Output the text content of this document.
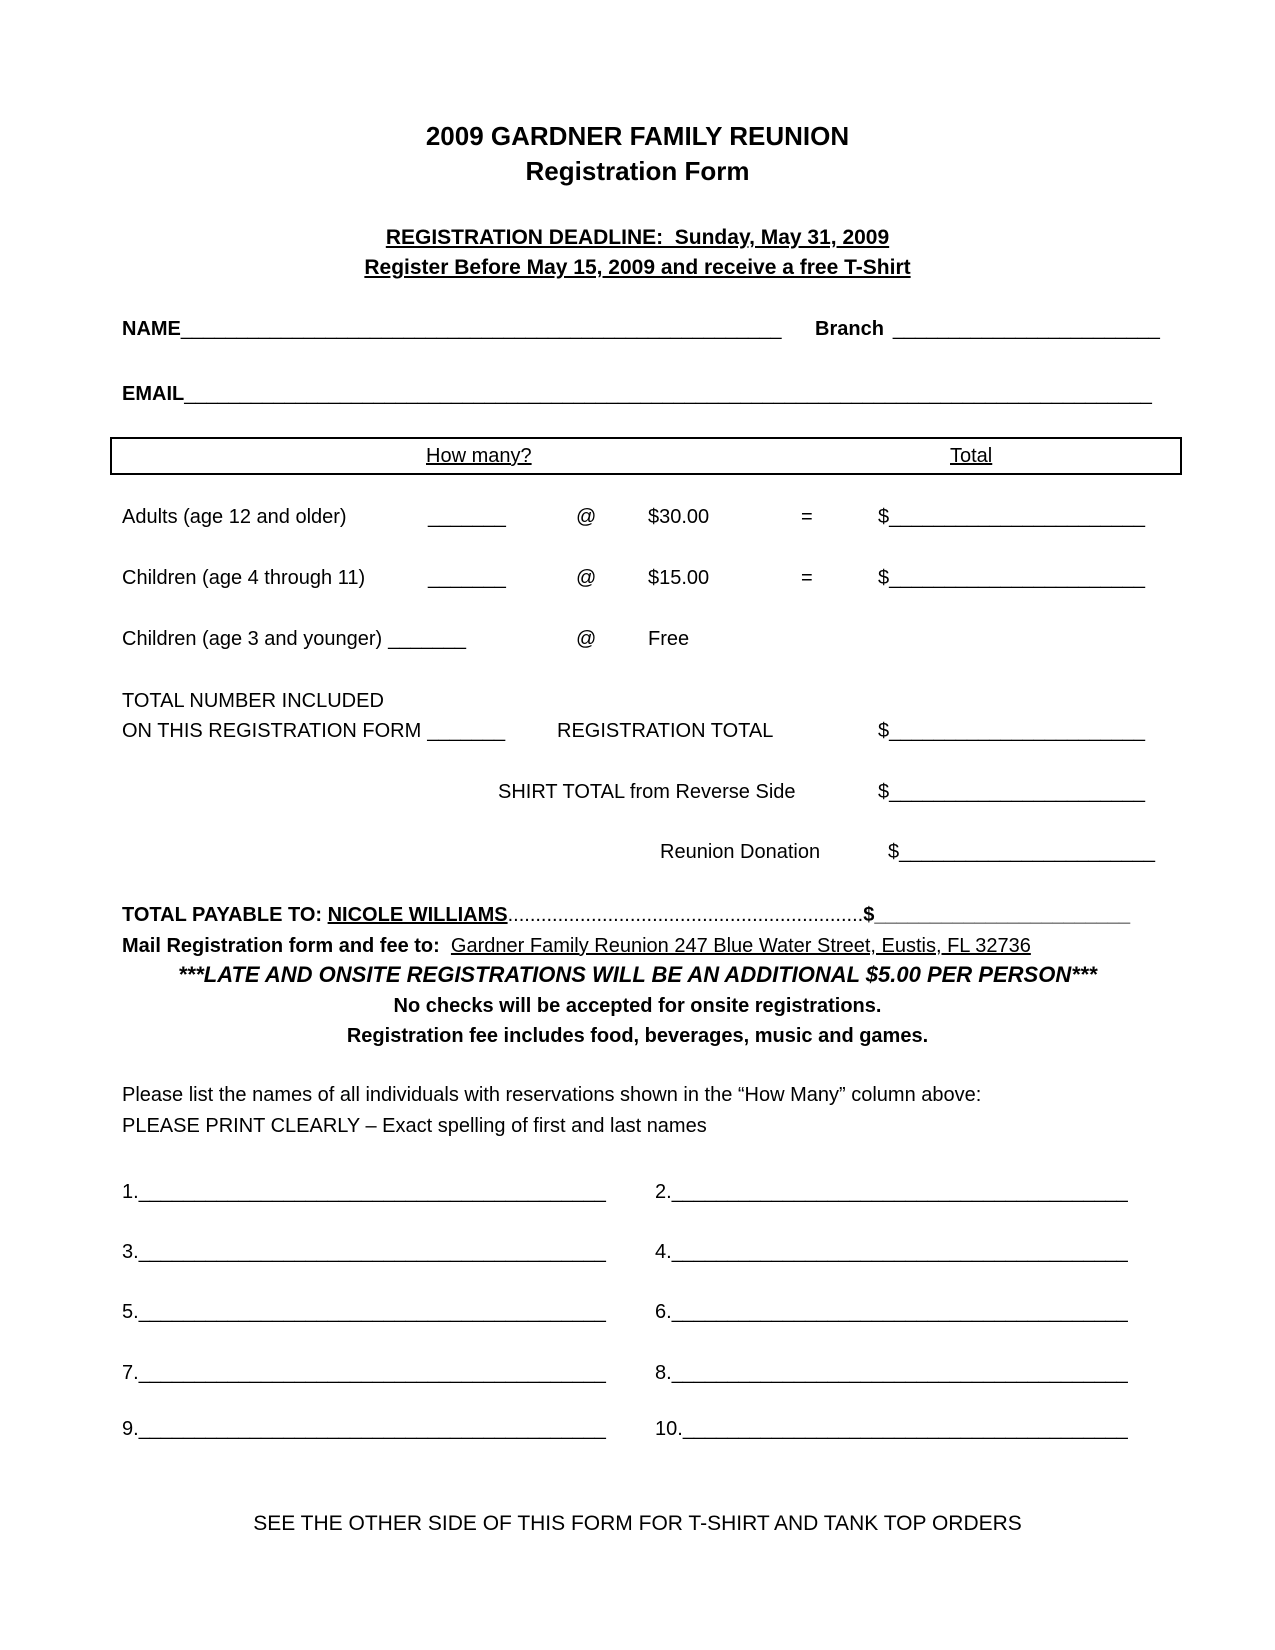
2009 GARDNER FAMILY REUNION
Registration Form
REGISTRATION DEADLINE:  Sunday, May 31, 2009
Register Before May 15, 2009 and receive a free T-Shirt
NAME______________________________________________________ Branch ________________________
EMAIL_______________________________________________________________________________________
How many?	Total
Adults (age 12 and older)	_______	@	$30.00	=	$_______________________
Children (age 4 through 11)	_______	@	$15.00	=	$_______________________
Children (age 3 and younger) _______	@	Free
TOTAL NUMBER INCLUDED
ON THIS REGISTRATION FORM _______	REGISTRATION TOTAL	$_______________________
SHIRT TOTAL from Reverse Side	$_______________________
Reunion Donation	$_______________________
TOTAL PAYABLE TO: NICOLE WILLIAMS................................................................$_______________________
Mail Registration form and fee to:  Gardner Family Reunion 247 Blue Water Street, Eustis, FL 32736
***LATE AND ONSITE REGISTRATIONS WILL BE AN ADDITIONAL $5.00 PER PERSON***
No checks will be accepted for onsite registrations.
Registration fee includes food, beverages, music and games.
Please list the names of all individuals with reservations shown in the “How Many” column above:
PLEASE PRINT CLEARLY – Exact spelling of first and last names
1.__________________________________________ 2._________________________________________
3.__________________________________________ 4._________________________________________
5.__________________________________________ 6._________________________________________
7.__________________________________________ 8._________________________________________
9.__________________________________________ 10.________________________________________
SEE THE OTHER SIDE OF THIS FORM FOR T-SHIRT AND TANK TOP ORDERS
